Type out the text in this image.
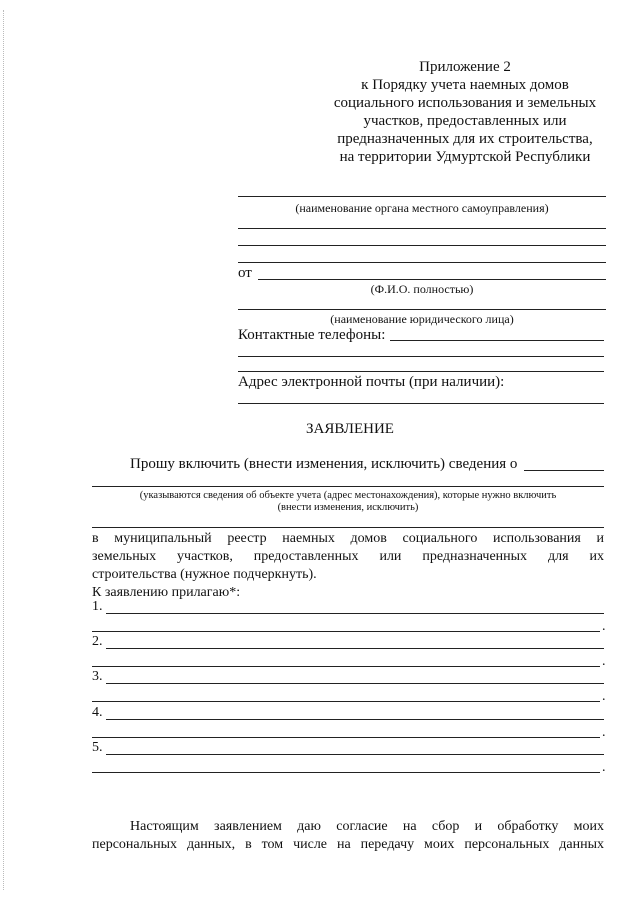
Приложение 2
к Порядку учета наемных домов
социального использования и земельных
участков, предоставленных или
предназначенных для их строительства,
на территории Удмуртской Республики
(наименование органа местного самоуправления)
от
(Ф.И.О. полностью)
(наименование юридического лица)
Контактные телефоны:
Адрес электронной почты (при наличии):
ЗАЯВЛЕНИЕ
Прошу включить (внести изменения, исключить) сведения о
(указываются сведения об объекте учета (адрес местонахождения), которые нужно включить
(внести изменения, исключить)
в муниципальный реестр наемных домов социального использования и
земельных участков, предоставленных или предназначенных для их
строительства (нужное подчеркнуть).
К заявлению прилагаю*:
1.
.
2.
.
3.
.
4.
.
5.
.
Настоящим заявлением даю согласие на сбор и обработку моих
персональных данных, в том числе на передачу моих персональных данных
